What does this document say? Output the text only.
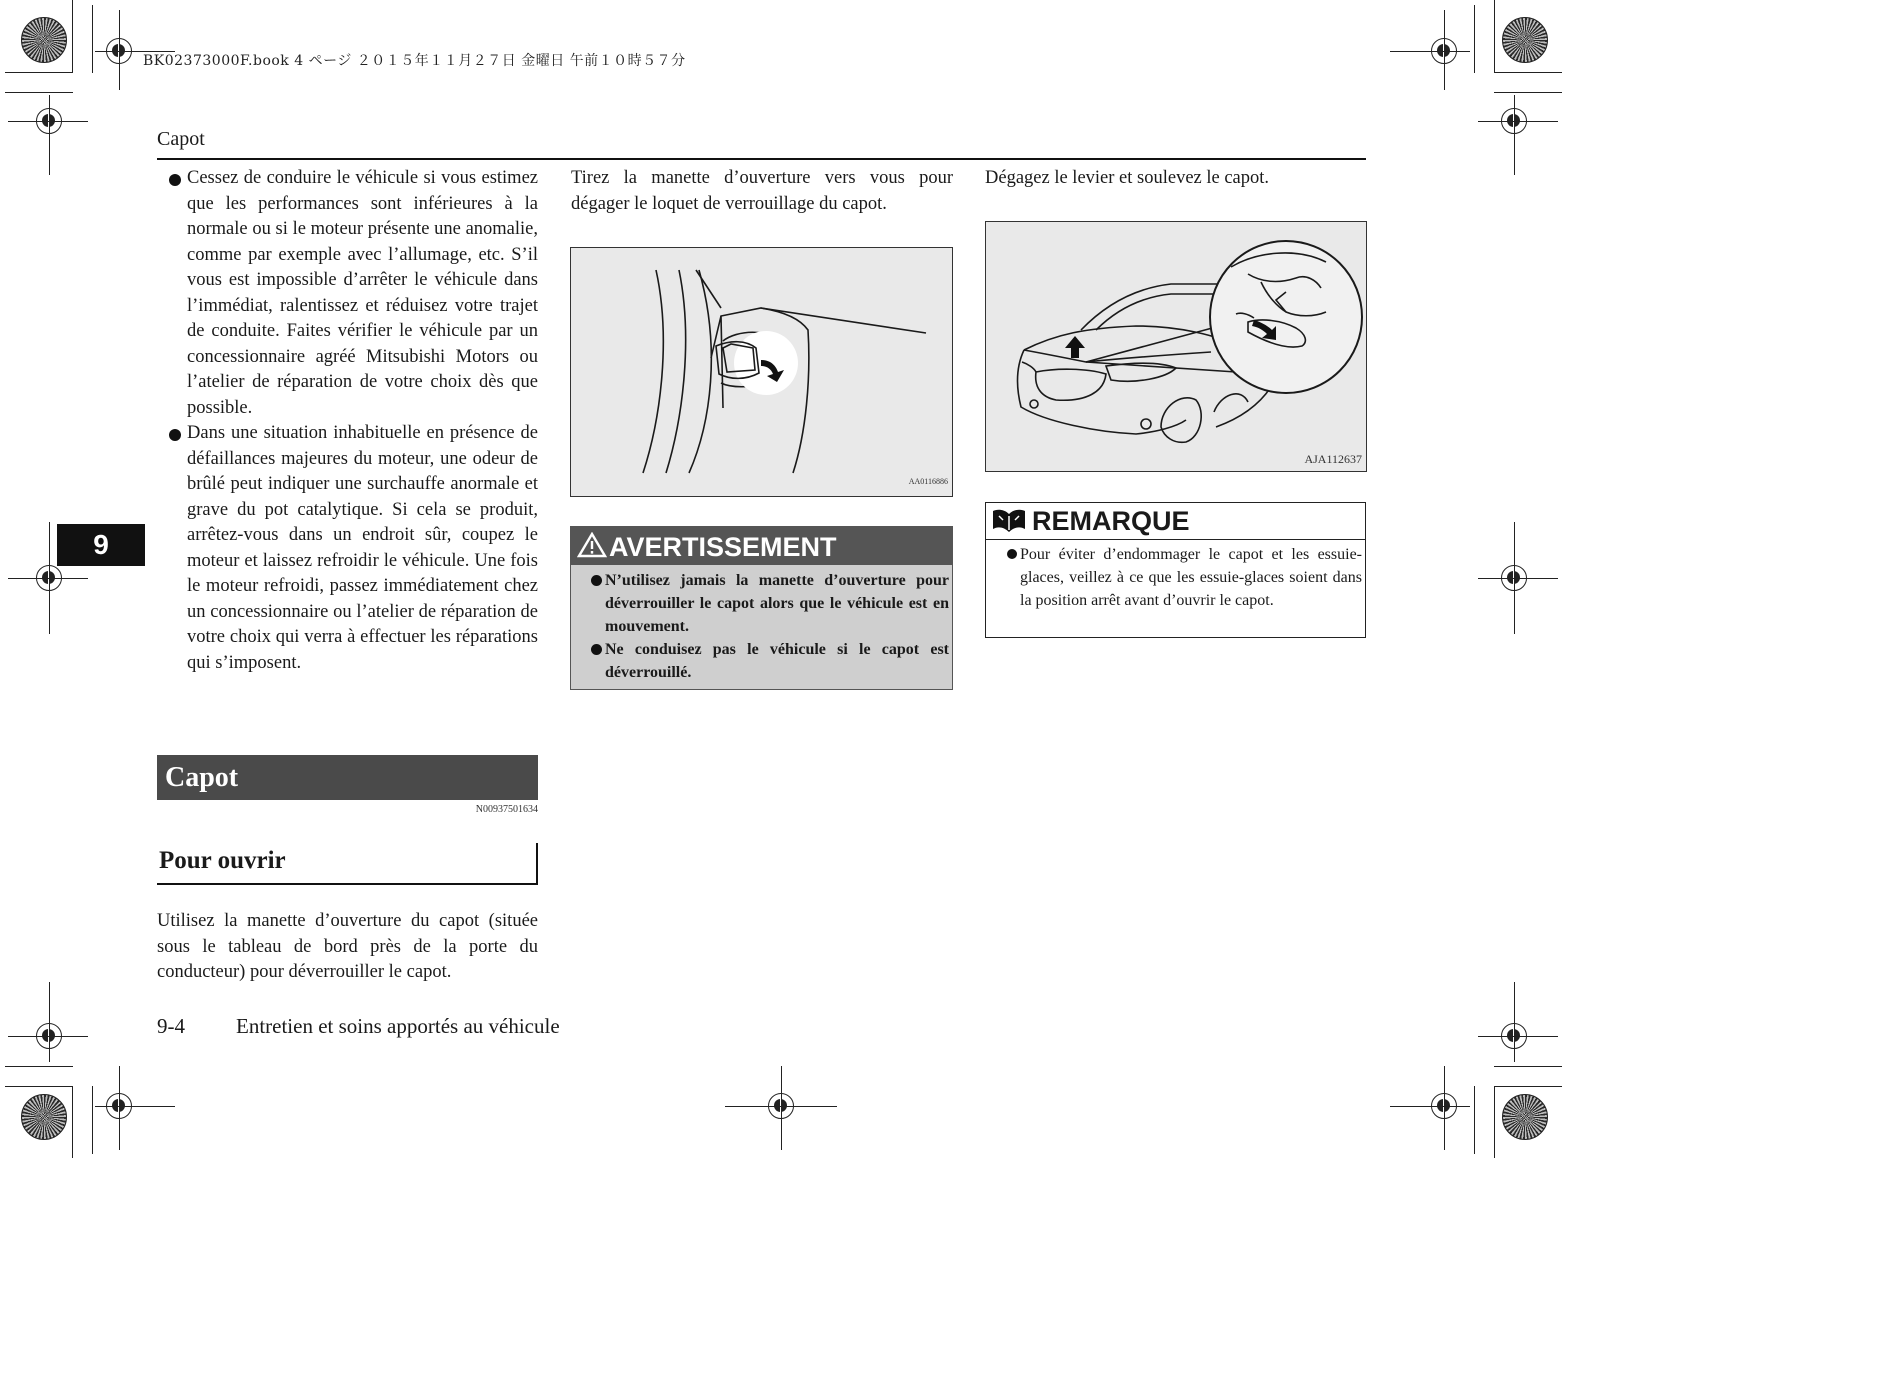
BK02373000F.book 4 ページ ２０１５年１１月２７日 金曜日 午前１０時５７分
Capot
9
Cessez de conduire le véhicule si vous estimez que les performances sont inférieures à la normale ou si le moteur présente une anomalie, comme par exemple avec l’allumage, etc. S’il vous est impossible d’arrêter le véhicule dans l’immédiat, ralentissez et réduisez votre trajet de conduite. Faites vérifier le véhicule par un concessionnaire agréé Mitsubishi Motors ou l’atelier de réparation de votre choix dès que possible.
Dans une situation inhabituelle en présence de défaillances majeures du moteur, une odeur de brûlé peut indiquer une surchauffe anormale et grave du pot catalytique. Si cela se produit, arrêtez-vous dans un endroit sûr, coupez le moteur et laissez refroidir le véhicule. Une fois le moteur refroidi, passez immédiatement chez un concessionnaire ou l’atelier de réparation de votre choix qui verra à effectuer les réparations qui s’imposent.
Capot
N00937501634
Pour ouvrir
Utilisez la manette d’ouverture du capot (située sous le tableau de bord près de la porte du conducteur) pour déverrouiller le capot.
Tirez la manette d’ouverture vers vous pour dégager le loquet de verrouillage du capot.
AA0116886
AVERTISSEMENT
N’utilisez jamais la manette d’ouverture pour déverrouiller le capot alors que le véhicule est en mouvement.
Ne conduisez pas le véhicule si le capot est déverrouillé.
Dégagez le levier et soulevez le capot.
AJA112637
REMARQUE
Pour éviter d’endommager le capot et les essuie-glaces, veillez à ce que les essuie-glaces soient dans la position arrêt avant d’ouvrir le capot.
9-4 Entretien et soins apportés au véhicule
